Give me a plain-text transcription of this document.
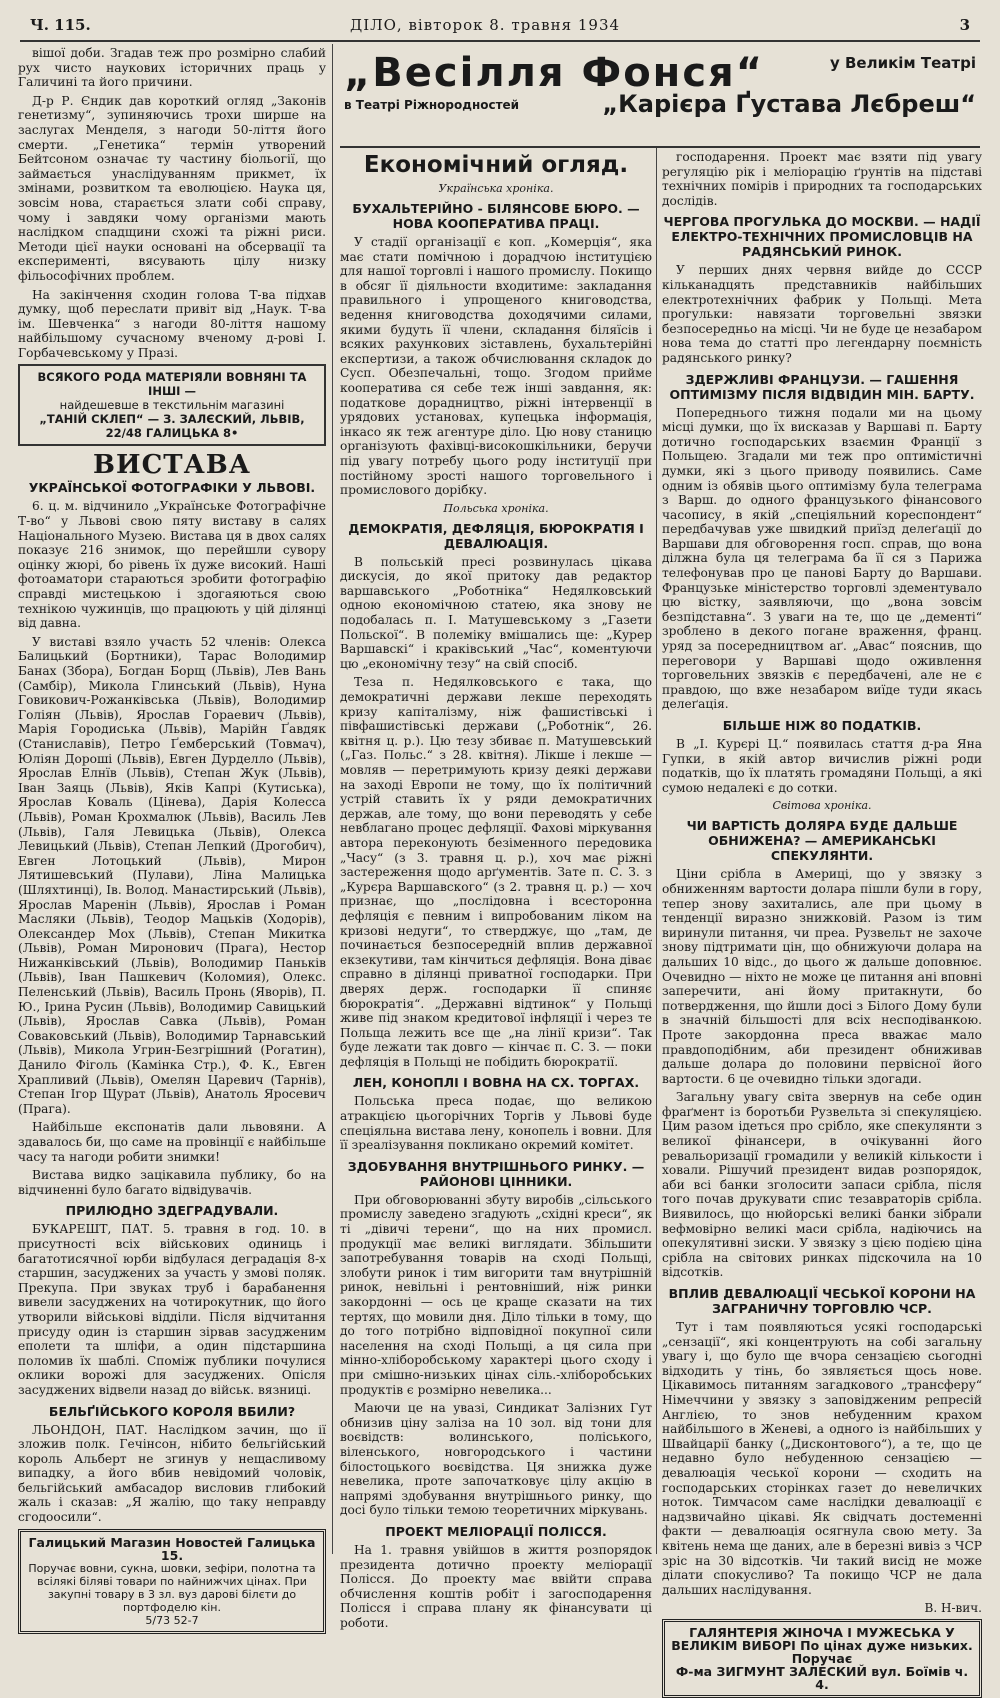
Ч. 115.	ДІЛО, вівторок 8. травня 1934	3
„Весілля Фонся“
в Театрі Ріжнородностей
у Великім Театрі
„Карієра Ґустава Лєбреш“

вішої доби. Згадав теж про розмірно слабий рух чисто наукових історичних праць у Галичині та його причини.

Д-р Р. Єндик дав короткий огляд „Законів генетизму“, зупиняючись трохи ширше на заслугах Менделя, з нагоди 50-ліття його смерти. „Генетика“ термін утворений Бейтсоном означає ту частину біольогії, що займається унаслідуванням прикмет, їх змінами, розвитком та еволюцією. Наука ця, зовсім нова, старається злати собі справу, чому і завдяки чому організми мають наслідком спадщини схожі та ріжні риси. Методи цієї науки основані на обсервації та експерименті, вясувають цілу низку фільософічних проблем.

На закінчення сходин голова Т-ва підхав думку, щоб переслати привіт від „Наук. Т-ва ім. Шевченка“ з нагоди 80-ліття нашому найбільшому сучасному вченому д-рові І. Горбачевському у Празі.

ВСЯКОГО РОДА МАТЕРІЯЛИ ВОВНЯНІ ТА ІНШІ —
найдешевше в текстильнім магазині
„ТАНІЙ СКЛЕП“ — З. ЗАЛЄСКИЙ, ЛЬВІВ,
22/48 ГАЛИЦЬКА 8•
ВИСТАВА
УКРАЇНСЬКОЇ ФОТОГРАФІКИ У ЛЬВОВІ.

6. ц. м. відчинило „Українське Фотографічне Т-во“ у Львові свою пяту виставу в салях Національного Музею. Вистава ця в двох салях показує 216 знимок, що перейшли сувору оцінку жюрі, бо рівень їх дуже високий. Наші фотоаматори стараються зробити фотографію справді мистецькою і здогаяються свою технікою чужинців, що працюють у цій ділянці від давна.

У виставі взяло участь 52 членів: Олекса Балицький (Бортники), Тарас Володимир Банах (Зборa), Богдан Борщ (Львів), Лев Вань (Самбір), Микола Глинський (Львів), Нуна Говикович-Рожанківська (Львів), Володимир Голіян (Львів), Ярослав Гораевич (Львів), Марія Городиська (Львів), Марійн Ґавдяк (Станиславів), Петро Ґемберський (Товмач), Юліян Дороші (Львів), Евген Дурделло (Львів), Ярослав Елнїв (Львів), Степан Жук (Львів), Іван Заяць (Львів), Яків Капрі (Кутиська), Ярослав Коваль (Цінева), Дарія Колесса (Львів), Роман Крохмалюк (Львів), Василь Лев (Львів), Галя Левицька (Львів), Олекса Левицький (Львів), Степан Лепкий (Дрогобич), Евген Лотоцький (Львів), Мирон Лятишевський (Пулави), Ліна Малицька (Шляхтинці), Ів. Волод. Манастирський (Львів), Ярослав Маренін (Львів), Ярослав і Роман Масляки (Львів), Теодор Мацьків (Ходорів), Олександер Мох (Львів), Степан Микитка (Львів), Роман Миронович (Прага), Нестор Нижанківський (Львів), Володимир Паньків (Львів), Іван Пашкевич (Коломия), Олекс. Пеленський (Львів), Василь Пронь (Яворів), П. Ю., Ірина Русин (Львів), Володимир Савицький (Львів), Ярослав Савка (Львів), Роман Соваковський (Львів), Володимир Тарнавський (Львів), Микола Угрин-Безгрішний (Рогатин), Данило Фіголь (Камінка Стр.), Ф. К., Евген Храпливий (Львів), Омелян Царевич (Тарнів), Степан Ігор Щурат (Львів), Анатоль Яросевич (Прага).

Найбільше експонатів дали львовяни. А здавалось би, що саме на провінції є найбільше часу та нагоди робити знимки!

Вистава видко зацікавила публику, бо на відчиненні було багато відвідувачів.

ПРИЛЮДНО ЗДЕГРАДУВАЛИ.

БУКАРЕШТ, ПАТ. 5. травня в год. 10. в присутності всіх військових одиниць і багатотисячної юрби відбулася деградація 8-х старшин, засуджених за участь у змові поляк. Прекупа. При звуках труб і барабанення вивели засуджених на чотирокутник, що його утворили військові відділи. Після відчитання присуду один із старшин зірвав засудженим еполети та шліфи, а один підстаршина поломив їх шаблі. Споміж публики почулися оклики ворожі для засуджених. Опісля засуджених відвели назад до військ. вязниці.

БЕЛЬҐІЙСЬКОГО КОРОЛЯ ВБИЛИ?

ЛЬОНДОН, ПАТ. Наслідком зачин, що ії зложив полк. Гечінсон, нібито бельгійський король Альберт не згинув у нещасливому випадку, а його вбив невідомий чоловік, бельгійський амбасадор висловив глибокий жаль і сказав: „Я жалію, що таку неправду сгодоосили“.

Галицький Магазин Новостей Галицька 15.
Поручає вовни, сукна, шовки, зефіри, полотна та всілякі біляві товари по найнижчих цінах. При закупні товару в 3 зл. вуз дарові білєти до портфоделю кін.
5/73 52-7
Економічний огляд.
Українська хроніка.
БУХАЛЬТЕРІЙНО - БІЛЯНСОВЕ БЮРО. — НОВА КООПЕРАТИВА ПРАЦІ.

У стадії організації є коп. „Комерція“, яка має стати помічною і дорадчою інституцією для нашої торговлі і нашого промислу. Покищо в обсяг її діяльности входитиме: закладання правильного і упрощеного книговодства, ведення книговодства доходячими силами, якими будуть її члени, складання біляїсів і всяких рахункових зіставлень, бухальтерійні експертизи, а також обчислювання складок до Суcп. Обезпечальні, тощо. Згодом прийме кооператива ся себе теж інші завдання, як: податкове дорадництво, ріжні інтервенції в урядових установах, купецька інформація, інкасо як теж агентуре діло. Цю нову станицю організують фахівці-високошкільники, беручи під увагу потребу цього роду інституції при постійному зрості нашого торговельного і промислового дорібку.

Польська хроніка.
ДЕМОКРАТІЯ, ДЕФЛЯЦІЯ, БЮРОКРАТІЯ І ДЕВАЛЮАЦІЯ.

В польській пресі розвинулась цікава дискусія, до якої притоку дав редактор варшавського „Роботніка“ Недялковський одною економічною статею, яка знову не подобалась п. І. Матушевському з „Газети Польскої“. В полеміку вмішались ще: „Курер Варшавскі“ і краківський „Час“, коментуючи цю „економічну тезу“ на свій спосіб.

Теза п. Недялковського є така, що демократичні держави лекше переходять кризу капіталізму, ніж фашистівські і півфашистівські держави („Роботнік“, 26. квітня ц. р.). Цю тезу збиває п. Матушевський („Газ. Польс.“ з 28. квітня). Лікше і лекше — мовляв — перетримують кризу деякі держави на заході Европи не тому, що їх політичний устрій ставить їх у ряди демократичних держав, але тому, що вони переводять у себе невблагано процес дефляції. Фахові міркування автора переконують безіменного передовика „Часу“ (з 3. травня ц. р.), хоч має ріжні застереження щодо арґументів. Зате п. С. З. з „Курєра Варшавского“ (з 2. травня ц. р.) — хоч признає, що „послідовна і всесторонна дефляція є певним і випробованим ліком на кризові недуги“, то стверджує, що „там, де починається безпосередній вплив державної екзекутиви, там кінчиться дефляція. Вона діває справно в ділянці приватної господарки. При дверях держ. господарки її спиняє бюрократія“. „Державні відтинок“ у Польщі живе під знаком кредитової інфляції і через те Польща лежить все ще „на лінії кризи“. Так буде лежати так довго — кінчає п. С. З. — поки дефляція в Польщі не побідить бюрократії.

ЛЕН, КОНОПЛІ І ВОВНА НА СХ. ТОРГАХ.

Польська преса подає, що великою атракцією цьогорічних Торгів у Львові буде спеціяльна виставa лену, конопель і вовни. Для її зреалізування покликано окремий комітет.

ЗДОБУВАННЯ ВНУТРІШНЬОГО РИНКУ. — РАЙОНОВІ ЦІННИКИ.

При обговорюванні збуту виробів „сільського промислу заведено згадують „східні креси“, як ті „дівичі терени“, що на них промисл. продукції має великі виглядати. Збільшити запотребування товарів на сході Польщі, злобути ринок і тим вигорити там внутрішній ринок, невільні і рентовніший, ніж ринки закордонні — ось це краще сказати на тих тертях, що мовили дня. Діло тільки в тому, що до того потрібно відповідної покупної сили населення на сході Польщі, а ця сила при мінно-хліборобському характері цього сходу і при смішно-низьких цінах сіль.-хліборобських продуктів є розмірно невелика...

Маючи це на увазі, Синдикат Залізних Гут обнизив ціну заліза на 10 зол. від тони для воєвідств: волинського, поліського, віленського, новгородського і частини білостоцького воєвідства. Ця знижка дуже невелика, проте започатковує цілу акцію в напрямі здобування внутрішнього ринку, що досі було тільки темою теоретичних міркувань.

ПРОЕКТ МЕЛІОРАЦІЇ ПОЛІССЯ.

На 1. травня увійшов в життя розпорядок президента дотично проекту меліорації Полісся. До проекту має ввійти справа обчислення коштів робіт і загосподарення Полісся і справа плану як фінансувати ці роботи.

господарення. Проект має взяти під увагу регуляцію рік і меліорацію ґрунтів на підставі технічних помірів і природних та господарських дослідів.

ЧЕРГОВА ПРОГУЛЬКА ДО МОСКВИ. — НАДІЇ ЕЛЕКТРО-ТЕХНІЧНИХ ПРОМИСЛОВЦІВ НА РАДЯНСЬКИЙ РИНОК.

У перших днях червня вийде до СССР кільканадцять представників найбільших електротехнічних фабрик у Польщі. Мета прогульки: навязати торговельні звязки безпосередньо на місці. Чи не буде це незабаром нова тема до статті про легендарну поємність радянського ринку?

ЗДЕРЖЛИВІ ФРАНЦУЗИ. — ГАШЕННЯ ОПТИМІЗМУ ПІСЛЯ ВІДВІДИН МІН. БАРТУ.

Попереднього тижня подали ми на цьому місці думки, що їх висказав у Варшаві п. Барту дотично господарських взаємин Франції з Польщею. Згадали ми теж про оптимістичні думки, які з цього приводу появились. Саме одним із обявів цього оптимізму була телеграма з Варш. до одного французького фінансового часопису, в якій „спеціяльний кореспондент“ передбачував уже швидкий приїзд делеґації до Варшави для обговорення госп. справ, що вона ділжна була ця телеграма ба її ся з Парижа телефонував про це панові Барту до Варшави. Французьке міністерство торговлі здементувало цю вістку, заявляючи, що „вона зовсім безпідставна“. З уваги на те, що це „дементі“ зроблено в декого погане враження, франц. уряд за посередництвом аґ. „Авас“ пояснив, що переговори у Варшаві щодо оживлення торговельних звязків є передбачені, але не є правдою, що вже незабаром виїде туди якась делеґація.

БІЛЬШЕ НІЖ 80 ПОДАТКІВ.

В „І. Курєрі Ц.“ появилась стаття д-ра Яна Гупки, в якій автор вичислив ріжні роди податків, що їх платять громадяни Польщі, а які сумою недалекі є до сотки.

Світова хроніка.
ЧИ ВАРТІСТЬ ДОЛЯРА БУДЕ ДАЛЬШЕ ОБНИЖЕНА? — АМЕРИКАНСЬКІ СПЕКУЛЯНТИ.

Ціни срібла в Америці, що у звязку з обниженням вартости долара пішли були в гору, тепер знову захитались, але при цьому в тенденції виразно знижковій. Разом із тим виринули питання, чи преа. Рузвельт не захоче знову підтримати цін, що обнижуючи долара на дальших 10 відс., до цього ж дальше доповнює. Очевидно — ніхто не може це питання ані вповні заперечити, ані йому притакнути, бо потвердження, що йшли досі з Білого Дому були в значній більшості для всіх несподіванкою. Проте закордонна преса вважає мало правдоподібним, аби президент обниживав дальше долара до половини первісної його вартости. 6 це очевидно тільки здогади.

Загальну увагу світа звернув на себе один фраґмент із боротьби Рузвельта зі спекуляцією. Цим разом ідеться про срібло, яке спекулянти з великої фінансери, в очікуванні його ревальоризації громадили у великій кількости і ховали. Рішучий президент видав розпорядок, аби всі банки зголосити запаси срібла, після того почав друкувати спис тезавраторів срібла. Виявилось, що нюйорські великі банки зібрали вефмовірно великі маси срібла, надіючись на опекулятивні зиски. У звязку з цією подією ціна срібла на світових ринках підскочила на 10 відсотків.

ВПЛИВ ДЕВАЛЮАЦІЇ ЧЕСЬКОЇ КОРОНИ НА ЗАГРАНИЧНУ ТОРГОВЛЮ ЧСР.

Тут і там появляються усякі господарські „сензації“, які концентрують на собі загальну увагу і, що було ще вчора сензацією сьогодні відходить у тінь, бо зявляється щось нове. Цікавимось питанням загадкового „трансферу“ Німеччини у звязку з заповідженим репресій Англією, то знов небуденним крахом найбільшого в Женеві, а одного із найбільших у Швайцарії банку („Дисконтового“), а те, що це недавно було небуденною сензацією — девалюація чеської корони — сходить на господарських сторінках газет до невеличких ноток. Тимчасом саме наслідки девалюації є надзвичайно цікаві. Як свідчать достеменні факти — девалюація осягнула свою мету. За квітень нема ще даних, але в березні вивіз з ЧСР зріс на 30 відсотків. Чи такий висід не може ділати спокусливо? Та покищо ЧСР не дала дальших наслідування.

В. Н-вич.
ГАЛЯНТЕРІЯ ЖІНОЧА І МУЖЕСЬКА У ВЕЛИКІМ ВИБОРІ По цінах дуже низьких. Поручає
Ф-ма ЗИГМУНТ ЗАЛЕСКИЙ вул. Боїмів ч. 4.
